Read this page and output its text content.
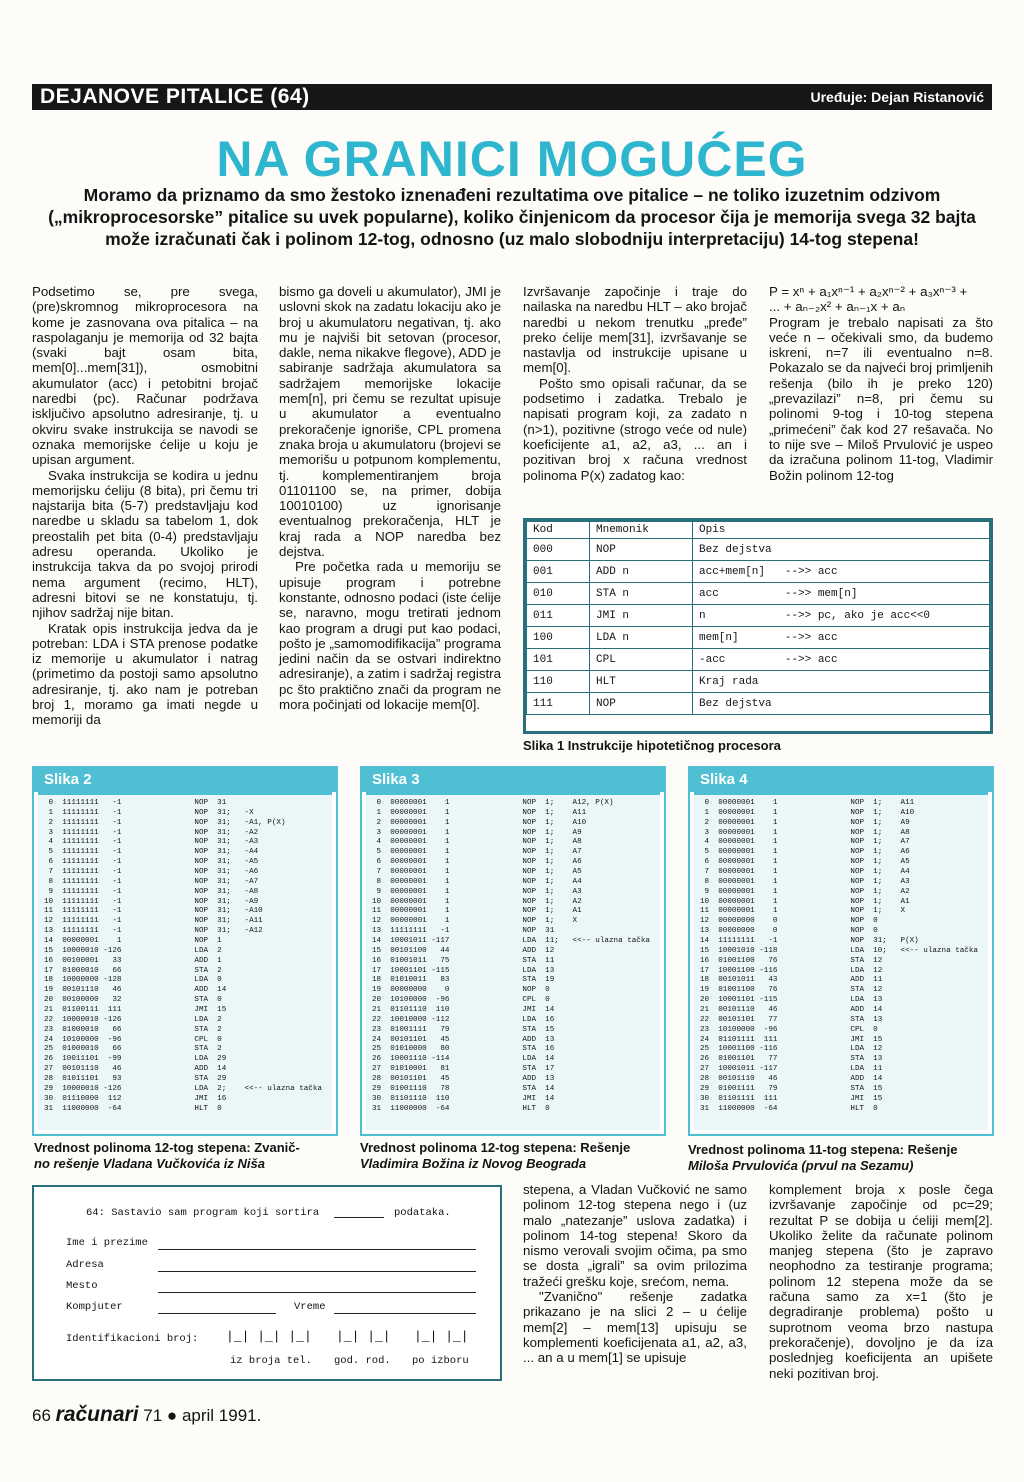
DEJANOVE PITALICE (64)	Uređuje: Dejan Ristanović
NA GRANICI MOGUĆEG
Moramo da priznamo da smo žestoko iznenađeni rezultatima ove pitalice – ne toliko izuzetnim odzivom („mikroprocesorske” pitalice su uvek popularne), koliko činjenicom da procesor čija je memorija svega 32 bajta može izračunati čak i polinom 12-tog, odnosno (uz malo slobodniju interpretaciju) 14-tog stepena!

Podsetimo se, pre svega, (pre)skromnog mikroprocesora na kome je zasnovana ova pitalica – na raspolaganju je memorija od 32 bajta (svaki bajt osam bita, mem[0]...mem[31]), osmobitni akumulator (acc) i petobitni brojač naredbi (pc). Računar podržava isključivo apsolutno adresiranje, tj. u okviru svake instrukcija se navodi se oznaka memorijske ćelije u koju je upisan argument.

Svaka instrukcija se kodira u jednu memorijsku ćeliju (8 bita), pri čemu tri najstarija bita (5-7) predstavljaju kod naredbe u skladu sa tabelom 1, dok preostalih pet bita (0-4) predstavljaju adresu operanda. Ukoliko je instrukcija takva da po svojoj prirodi nema argument (recimo, HLT), adresni bitovi se ne konstatuju, tj. njihov sadržaj nije bitan.

Kratak opis instrukcija jedva da je potreban: LDA i STA prenose podatke iz memorije u akumulator i natrag (primetimo da postoji samo apsolutno adresiranje, tj. ako nam je potreban broj 1, moramo ga imati negde u memoriji da

bismo ga doveli u akumulator), JMI je uslovni skok na zadatu lokaciju ako je broj u akumulatoru negativan, tj. ako mu je najviši bit setovan (procesor, dakle, nema nikakve flegove), ADD je sabiranje sadržaja akumulatora sa sadržajem memorijske lokacije mem[n], pri čemu se rezultat upisuje u akumulator a eventualno prekoračenje ignoriše, CPL promena znaka broja u akumulatoru (brojevi se memorišu u potpunom komplementu, tj. komplementiranjem broja 01101100 se, na primer, dobija 10010100) uz ignorisanje eventualnog prekoračenja, HLT je kraj rada a NOP naredba bez dejstva.

Pre početka rada u memoriju se upisuje program i potrebne konstante, odnosno podaci (iste ćelije se, naravno, mogu tretirati jednom kao program a drugi put kao podaci, pošto je „samomodifikacija” programa jedini način da se ostvari indirektno adresiranje), a zatim i sadržaj registra pc što praktično znači da program ne mora počinjati od lokacije mem[0].

Izvršavanje započinje i traje do nailaska na naredbu HLT – ako brojač naredbi u nekom trenutku „pređe” preko ćelije mem[31], izvršavanje se nastavlja od instrukcije upisane u mem[0].

Pošto smo opisali računar, da se podsetimo i zadatka. Trebalo je napisati program koji, za zadato n (n>1), pozitivne (strogo veće od nule) koeficijente a1, a2, a3, ... an i pozitivan broj x računa vrednost polinoma P(x) zadatog kao:

P = xⁿ + a₁xⁿ⁻¹ + a₂xⁿ⁻² + a₃xⁿ⁻³ +
... + aₙ₋₂x² + aₙ₋₁x + aₙ

Program je trebalo napisati za što veće n – očekivali smo, da budemo iskreni, n=7 ili eventualno n=8. Pokazalo se da najveći broj primljenih rešenja (bilo ih je preko 120) „prevazilazi” n=8, pri čemu su polinomi 9-tog i 10-tog stepena „primećeni” čak kod 27 rešavača. No to nije sve – Miloš Prvulović je uspeo da izračuna polinom 11-tog, Vladimir Božin polinom 12-tog

Kod	Mnemonik	Opis
000	NOP	Bez dejstva
001	ADD n	acc+mem[n]   -->> acc
010	STA n	acc          -->> mem[n]
011	JMI n	n            -->> pc, ako je acc<<0
100	LDA n	mem[n]       -->> acc
101	CPL	-acc         -->> acc
110	HLT	Kraj rada
111	NOP	Bez dejstva
Slika 1 Instrukcije hipotetičnog procesora
Slika 2
0  11111111   -1                NOP  31
1  11111111   -1                NOP  31;   -X
2  11111111   -1                NOP  31;   -A1, P(X)
3  11111111   -1                NOP  31;   -A2
4  11111111   -1                NOP  31;   -A3
5  11111111   -1                NOP  31;   -A4
6  11111111   -1                NOP  31;   -A5
7  11111111   -1                NOP  31;   -A6
8  11111111   -1                NOP  31;   -A7
9  11111111   -1                NOP  31;   -A8
10  11111111   -1                NOP  31;   -A9
11  11111111   -1                NOP  31;   -A10
12  11111111   -1                NOP  31;   -A11
13  11111111   -1                NOP  31;   -A12
14  00000001    1                NOP  1
15  10000010 -126                LDA  2
16  00100001   33                ADD  1
17  01000010   66                STA  2
18  10000000 -128                LDA  0
19  00101110   46                ADD  14
20  00100000   32                STA  0
21  01100111  111                JMI  15
22  10000010 -126                LDA  2
23  01000010   66                STA  2
24  10100000  -96                CPL  0
25  01000010   66                STA  2
26  10011101  -99                LDA  29
27  00101110   46                ADD  14
28  01011101   93                STA  29
29  10000010 -126                LDA  2;    <<-- ulazna tačka
30  01110000  112                JMI  16
31  11000000  -64                HLT  0
Vrednost polinoma 12-tog stepena: Zvanič-
no rešenje Vladana Vučkovića iz Niša
Slika 3
0  00000001    1                NOP  1;    A12, P(X)
1  00000001    1                NOP  1;    A11
2  00000001    1                NOP  1;    A10
3  00000001    1                NOP  1;    A9
4  00000001    1                NOP  1;    A8
5  00000001    1                NOP  1;    A7
6  00000001    1                NOP  1;    A6
7  00000001    1                NOP  1;    A5
8  00000001    1                NOP  1;    A4
9  00000001    1                NOP  1;    A3
10  00000001    1                NOP  1;    A2
11  00000001    1                NOP  1;    A1
12  00000001    1                NOP  1;    X
13  11111111   -1                NOP  31
14  10001011 -117                LDA  11;   <<-- ulazna tačka
15  00101100   44                ADD  12
16  01001011   75                STA  11
17  10001101 -115                LDA  13
18  01010011   83                STA  19
19  00000000    0                NOP  0
20  10100000  -96                CPL  0
21  01101110  110                JMI  14
22  10010000 -112                LDA  16
23  01001111   79                STA  15
24  00101101   45                ADD  13
25  01010000   80                STA  16
26  10001110 -114                LDA  14
27  01010001   81                STA  17
28  00101101   45                ADD  13
29  01001110   78                STA  14
30  01101110  110                JMI  14
31  11000000  -64                HLT  0
Vrednost polinoma 12-tog stepena: Rešenje
Vladimira Božina iz Novog Beograda
Slika 4
0  00000001    1                NOP  1;    A11
1  00000001    1                NOP  1;    A10
2  00000001    1                NOP  1;    A9
3  00000001    1                NOP  1;    A8
4  00000001    1                NOP  1;    A7
5  00000001    1                NOP  1;    A6
6  00000001    1                NOP  1;    A5
7  00000001    1                NOP  1;    A4
8  00000001    1                NOP  1;    A3
9  00000001    1                NOP  1;    A2
10  00000001    1                NOP  1;    A1
11  00000001    1                NOP  1;    X
12  00000000    0                NOP  0
13  00000000    0                NOP  0
14  11111111   -1                NOP  31;   P(X)
15  10001010 -118                LDA  10;   <<-- ulazna tačka
16  01001100   76                STA  12
17  10001100 -116                LDA  12
18  00101011   43                ADD  11
19  01001100   76                STA  12
20  10001101 -115                LDA  13
21  00101110   46                ADD  14
22  00101101   77                STA  13
23  10100000  -96                CPL  0
24  01101111  111                JMI  15
25  10001100 -116                LDA  12
26  01001101   77                STA  13
27  10001011 -117                LDA  11
28  00101110   46                ADD  14
29  01001111   79                STA  15
30  01101111  111                JMI  15
31  11000000  -64                HLT  0
Vrednost polinoma 11-tog stepena: Rešenje
Miloša Prvulovića (prvul na Sezamu)
64: Sastavio sam program koji sortira	podataka.
Ime i prezime
Adresa
Mesto
Kompjuter	Vreme
Identifikacioni broj: |_| |_| |_| |_| |_| |_| |_|
iz broja tel. god. rod. po izboru

stepena, a Vladan Vučković ne samo polinom 12-tog stepena nego i (uz malo „natezanje” uslova zadatka) i polinom 14-tog stepena! Skoro da nismo verovali svojim očima, pa smo se dosta „igrali” sa ovim prilozima tražeći grešku koje, srećom, nema.

"Zvanično" rešenje zadatka prikazano je na slici 2 – u ćelije mem[2] – mem[13] upisuju se komplementi koeficijenata a1, a2, a3, ... an a u mem[1] se upisuje

komplement broja x posle čega izvršavanje započinje od pc=29; rezultat P se dobija u ćeliji mem[2]. Ukoliko želite da računate polinom manjeg stepena (što je zapravo neophodno za testiranje programa; polinom 12 stepena može da se računa samo za x=1 (što je degradiranje problema) pošto u suprotnom veoma brzo nastupa prekoračenje), dovoljno je da iza poslednjeg koeficijenta an upišete neki pozitivan broj.

66 računari 71 ● april 1991.
